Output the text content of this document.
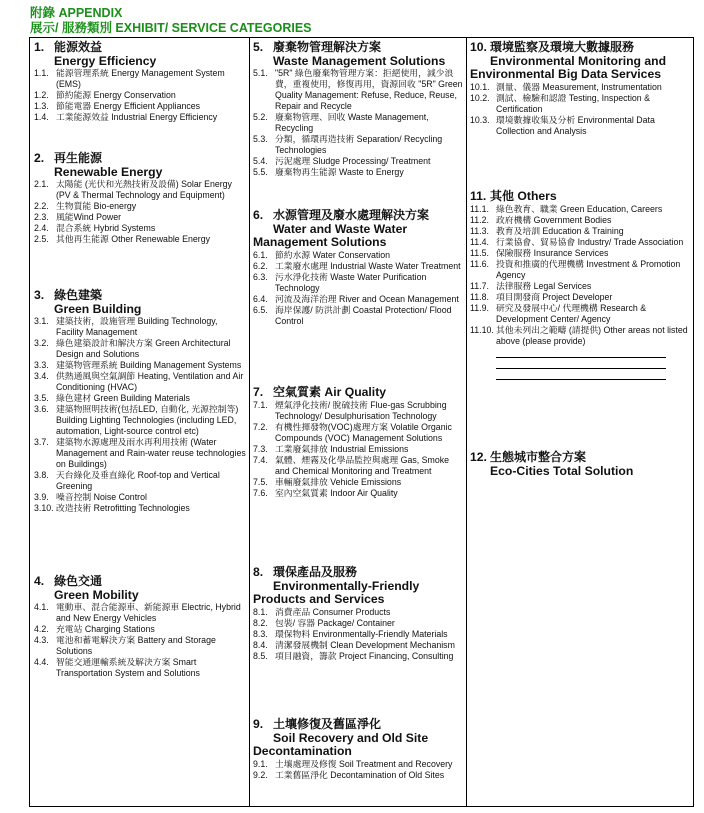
附錄 APPENDIX
展示/ 服務類別 EXHIBIT/ SERVICE CATEGORIES
1. 能源效益
Energy Efficiency
1.1. 能源管理系統 Energy Management System (EMS)
1.2. 節約能源 Energy Conservation
1.3. 節能電器 Energy Efficient Appliances
1.4. 工業能源效益 Industrial Energy Efficiency
2. 再生能源
Renewable Energy
2.1. 太陽能 (光伏和光熱技術及設備) Solar Energy (PV & Thermal Technology and Equipment)
2.2. 生物質能 Bio-energy
2.3. 風能Wind Power
2.4. 混合系統 Hybrid Systems
2.5. 其他再生能源 Other Renewable Energy
3. 綠色建築
Green Building
3.1. 建築技術，設施管理 Building Technology, Facility Management
3.2. 綠色建築設計和解決方案 Green Architectural Design and Solutions
3.3. 建築物管理系統 Building Management Systems
3.4. 供熱通風與空氣調節 Heating, Ventilation and Air Conditioning (HVAC)
3.5. 綠色建材 Green Building Materials
3.6. 建築物照明技術(包括LED, 自動化, 光源控制等) Building Lighting Technologies (including LED, automation, Light-source control etc)
3.7. 建築物水源處理及雨水再利用技術 (Water Management and Rain-water reuse technologies on Buildings)
3.8. 天台綠化及垂直綠化 Roof-top and Vertical Greening
3.9. 噪音控制 Noise Control
3.10. 改造技術 Retrofitting Technologies
4. 綠色交通
Green Mobility
4.1. 電動車、混合能源車、新能源車 Electric, Hybrid and New Energy Vehicles
4.2. 充電站 Charging Stations
4.3. 電池和蓄電解決方案 Battery and Storage Solutions
4.4. 智能交通運輸系統及解決方案 Smart Transportation System and Solutions
5. 廢棄物管理解決方案
Waste Management Solutions
5.1. "5R" 綠色廢棄物管理方案：拒絕使用，減少浪費，重複使用，修復再用，資源回收 "5R" Green Quality Management: Refuse, Reduce, Reuse, Repair and Recycle
5.2. 廢棄物管理、回收 Waste Management, Recycling
5.3. 分類，循環再造技術 Separation/ Recycling Technologies
5.4. 污泥處理 Sludge Processing/ Treatment
5.5. 廢棄物再生能源 Waste to Energy
6. 水源管理及廢水處理解決方案
Water and Waste Water Management Solutions
6.1. 節約水源 Water Conservation
6.2. 工業廢水處理 Industrial Waste Water Treatment
6.3. 污水淨化技術 Waste Water Purification Technology
6.4. 河流及海洋治理 River and Ocean Management
6.5. 海岸保護/ 防洪計劃 Coastal Protection/ Flood Control
7. 空氣質素 Air Quality
7.1. 煙氣淨化技術/ 脫硫技術 Flue-gas Scrubbing Technology/ Desulphurisation Technology
7.2. 有機性揮發物(VOC)處理方案 Volatile Organic Compounds (VOC) Management Solutions
7.3. 工業廢氣排放 Industrial Emissions
7.4. 氣體、煙霧及化學品監控與處理 Gas, Smoke and Chemical Monitoring and Treatment
7.5. 車輛廢氣排放 Vehicle Emissions
7.6. 室內空氣質素 Indoor Air Quality
8. 環保產品及服務
Environmentally-Friendly Products and Services
8.1. 消費產品 Consumer Products
8.2. 包裝/ 容器 Package/ Container
8.3. 環保物料 Environmentally-Friendly Materials
8.4. 清潔發展機制 Clean Development Mechanism
8.5. 項目融資，籌款 Project Financing, Consulting
9. 土壤修復及舊區淨化
Soil Recovery and Old Site Decontamination
9.1. 土壤處理及修復 Soil Treatment and Recovery
9.2. 工業舊區淨化 Decontamination of Old Sites
10. 環境監察及環境大數據服務
Environmental Monitoring and Environmental Big Data Services
10.1. 測量、儀器 Measurement, Instrumentation
10.2. 測試、檢驗和認證 Testing, Inspection & Certification
10.3. 環境數據收集及分析 Environmental Data Collection and Analysis
11. 其他 Others
11.1. 綠色教育、職業 Green Education, Careers
11.2. 政府機構 Government Bodies
11.3. 教育及培訓 Education & Training
11.4. 行業協會、貿易協會 Industry/ Trade Association
11.5. 保險服務 Insurance Services
11.6. 投資和推廣的代理機構 Investment & Promotion Agency
11.7. 法律服務 Legal Services
11.8. 項目開發商 Project Developer
11.9. 研究及發展中心/ 代理機構 Research & Development Center/ Agency
11.10. 其他未列出之範疇 (請提供) Other areas not listed above (please provide)
12. 生態城市整合方案
Eco-Cities Total Solution
